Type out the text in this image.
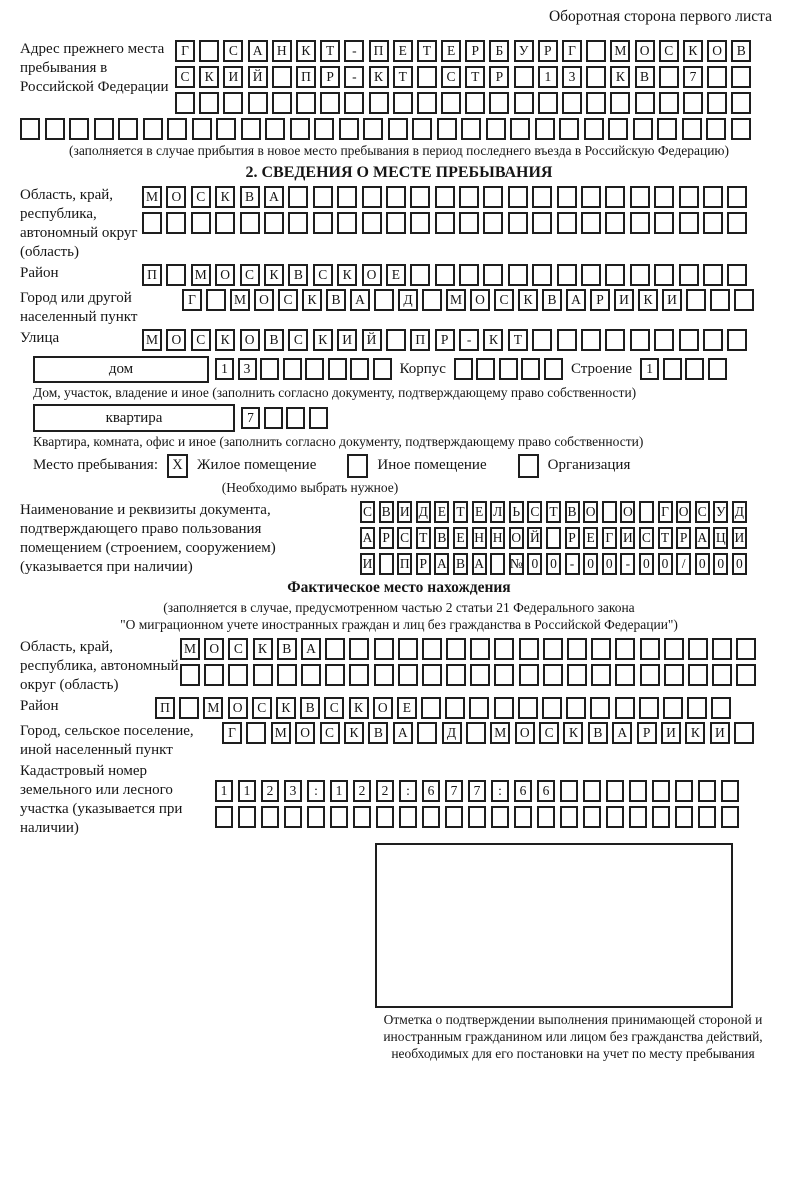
Оборотная сторона первого листа
Адрес прежнего места пребывания в Российской Федерации
Г	С	А	Н	К	Т	-	П	Е	Т	Е	Р	Б	У	Р	Г	М О	С	К	О	В
С	К	И	Й	П	Р	-	К	Т	С	Т	Р	1	3	К	В	7
(заполняется в случае прибытия в новое место пребывания в период последнего въезда в Российскую Федерацию)
2. СВЕДЕНИЯ О МЕСТЕ ПРЕБЫВАНИЯ
Область, край, республика, автономный округ (область)
М	О	С	К	В	А
Район	П	М	О	С	К	В	С	К	О	Е
Город или другой населенный пункт
Г	М О	С	К	В	А	Д	М О	С	К	В	А	Р	И	К	И
Улица	М	О	С	К	О	В	С	К	И	Й	П	Р	-	К	Т
дом	1	3	Корпус	Строение	1
Дом, участок, владение и иное (заполнить согласно документу, подтверждающему право собственности)
квартира	7
Квартира, комната, офис и иное (заполнить согласно документу, подтверждающему право собственности)
Место пребывания: X Жилое помещение	Иное помещение	Организация
(Необходимо выбрать нужное)
Наименование и реквизиты документа, подтверждающего право пользования помещением (строением, сооружением) (указывается при наличии)
С В И Д Е Т Е Л Ь С Т В О О Г О С У Д
А Р С Т В Е Н Н О Й Р Е Г И С Т Р А Ц И
И П Р А В А № 0 0 - 0 0 - 0 0 / 0 0 0
Фактическое место нахождения
(заполняется в случае, предусмотренном частью 2 статьи 21 Федерального закона
"О миграционном учете иностранных граждан и лиц без гражданства в Российской Федерации")
Область, край, республика, автономный округ (область)
М О	С	К	В	А
Район	П	М О	С	К	В	С	К	О	Е
Город, сельское поселение, иной населенный пункт
Г	М	О	С	К	В	А	Д	М	О	С	К	В	А	Р	И	К	И
Кадастровый номер земельного или лесного участка (указывается при наличии)
1	1	2	3	:	1	2	2	:	6	7	7	:	6	6
Отметка о подтверждении выполнения принимающей стороной и иностранным гражданином или лицом без гражданства действий, необходимых для его постановки на учет по месту пребывания
